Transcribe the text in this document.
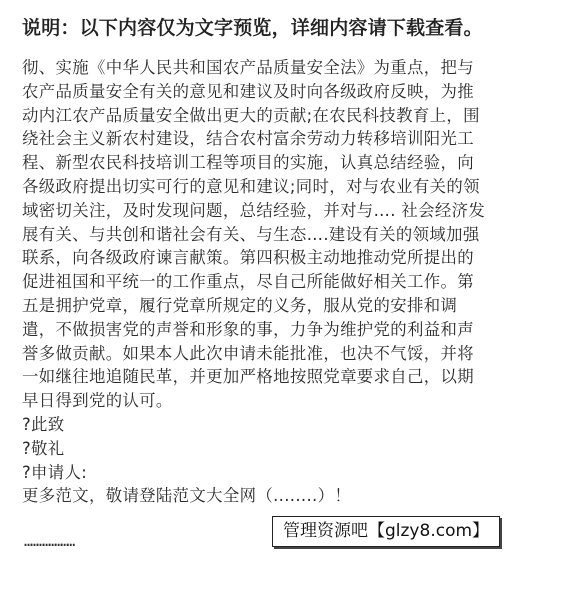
说明：以下内容仅为文字预览，详细内容请下载查看。
彻、实施《中华人民共和国农产品质量安全法》为重点，把与
农产品质量安全有关的意见和建议及时向各级政府反映，为推
动内江农产品质量安全做出更大的贡献;在农民科技教育上，围
绕社会主义新农村建设，结合农村富余劳动力转移培训阳光工
程、新型农民科技培训工程等项目的实施，认真总结经验，向
各级政府提出切实可行的意见和建议;同时，对与农业有关的领
域密切关注，及时发现问题，总结经验，并对与…. 社会经济发
展有关、与共创和谐社会有关、与生态….建设有关的领域加强
联系，向各级政府谏言献策。第四积极主动地推动党所提出的
促进祖国和平统一的工作重点，尽自己所能做好相关工作。第
五是拥护党章，履行党章所规定的义务，服从党的安排和调
遣，不做损害党的声誉和形象的事，力争为维护党的利益和声
誉多做贡献。如果本人此次申请未能批准，也决不气馁，并将
一如继往地追随民革，并更加严格地按照党章要求自己，以期
早日得到党的认可。
?此致
?敬礼
?申请人:
更多范文，敬请登陆范文大全网（........）！
……………………	管理资源吧【glzy8.com】
